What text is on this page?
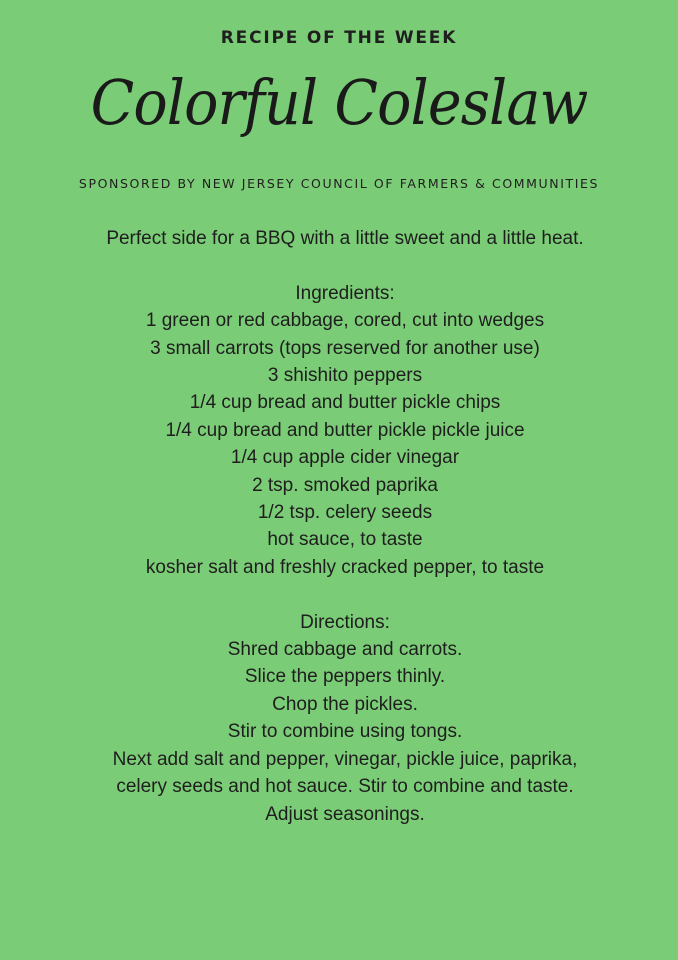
RECIPE OF THE WEEK
Colorful Coleslaw
SPONSORED BY NEW JERSEY COUNCIL OF FARMERS & COMMUNITIES

Perfect side for a BBQ with a little sweet and a little heat.

Ingredients:

1 green or red cabbage, cored, cut into wedges
3 small carrots (tops reserved for another use)
3 shishito peppers
1/4 cup bread and butter pickle chips
1/4 cup bread and butter pickle pickle juice
1/4 cup apple cider vinegar
2 tsp. smoked paprika
1/2 tsp. celery seeds
hot sauce, to taste
kosher salt and freshly cracked pepper, to taste

Directions:

Shred cabbage and carrots.
Slice the peppers thinly.
Chop the pickles.
Stir to combine using tongs.
Next add salt and pepper, vinegar, pickle juice, paprika,
celery seeds and hot sauce. Stir to combine and taste.
Adjust seasonings.
